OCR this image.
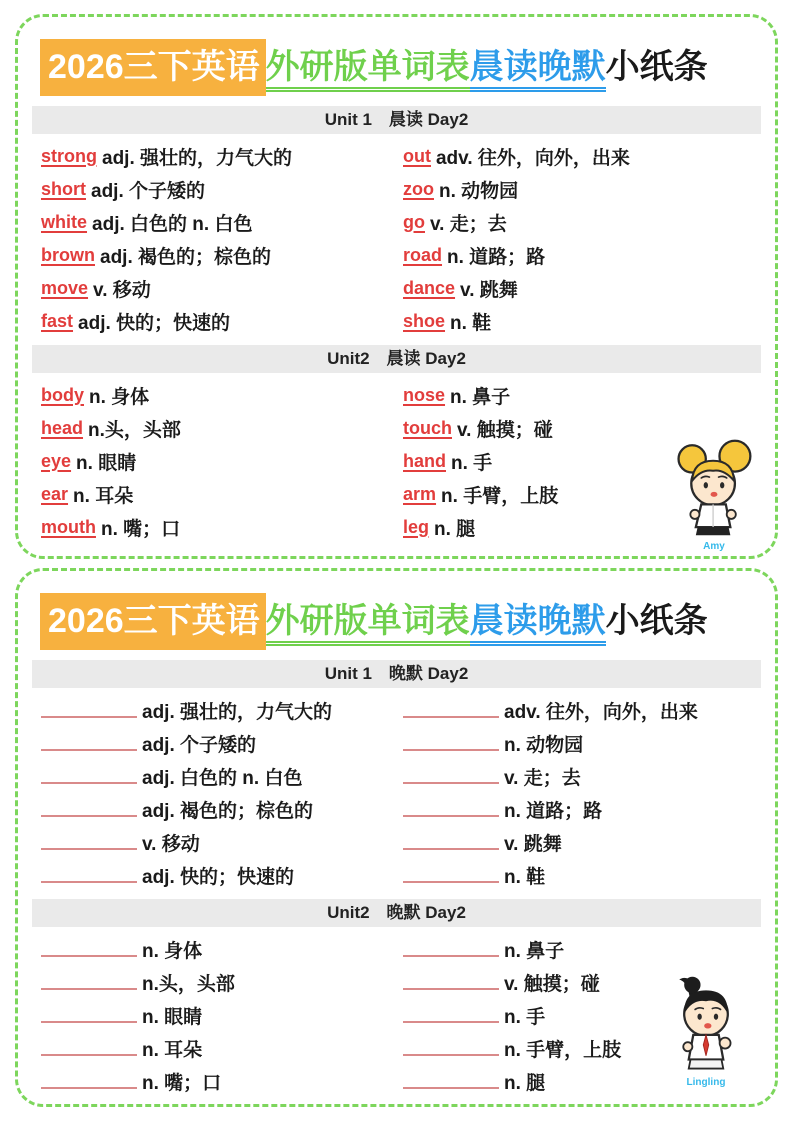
2026三下英语 外研版单词表晨读晚默小纸条
Unit 1　晨读 Day2
strong adj. 强壮的，力气大的
short adj. 个子矮的
white adj. 白色的 n. 白色
brown adj. 褐色的；棕色的
move v. 移动
fast adj. 快的；快速的
out adv. 往外，向外，出来
zoo n. 动物园
go v. 走；去
road n. 道路；路
dance v. 跳舞
shoe n. 鞋
Unit2　晨读 Day2
body n. 身体
head n.头，头部
eye n. 眼睛
ear n. 耳朵
mouth n. 嘴；口
nose n. 鼻子
touch v. 触摸；碰
hand n. 手
arm n. 手臂，上肢
leg n. 腿
Amy
2026三下英语 外研版单词表晨读晚默小纸条
Unit 1　晚默 Day2
adj. 强壮的，力气大的
adj. 个子矮的
adj. 白色的 n. 白色
adj. 褐色的；棕色的
v. 移动
adj. 快的；快速的
adv. 往外，向外，出来
n. 动物园
v. 走；去
n. 道路；路
v. 跳舞
n. 鞋
Unit2　晚默 Day2
n. 身体
n.头，头部
n. 眼睛
n. 耳朵
n. 嘴；口
n. 鼻子
v. 触摸；碰
n. 手
n. 手臂，上肢
n. 腿	Lingling
